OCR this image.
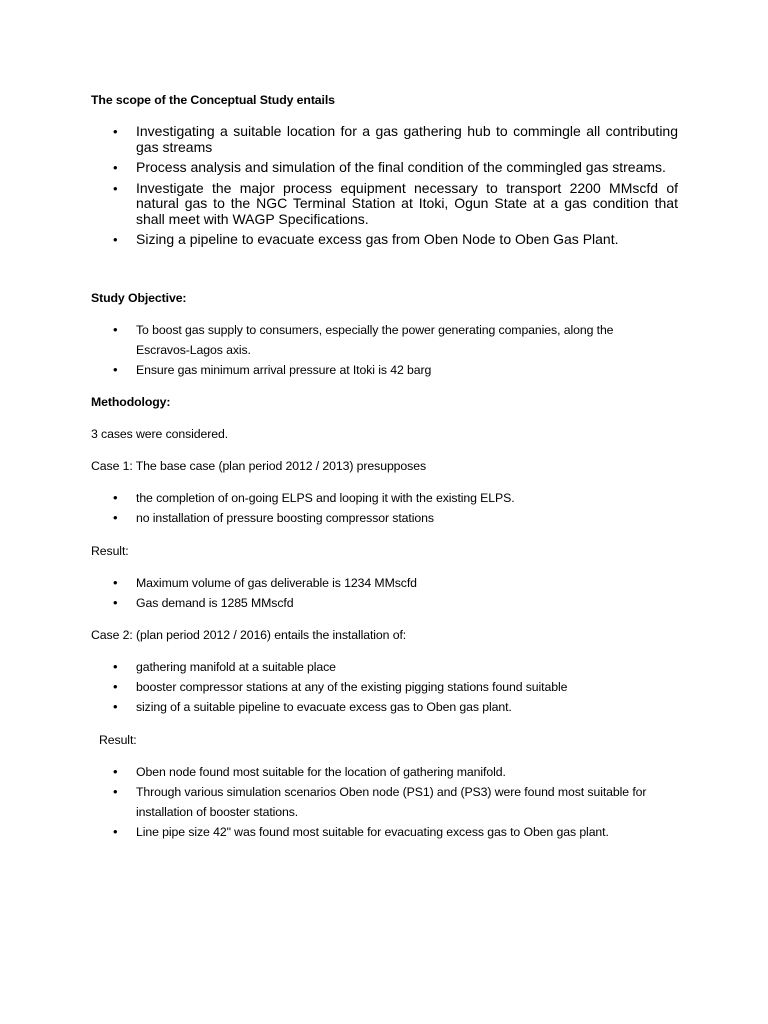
The scope of the Conceptual Study entails
• Investigating a suitable location for a gas gathering hub to commingle all contributing gas streams
• Process analysis and simulation of the final condition of the commingled gas streams.
• Investigate the major process equipment necessary to transport 2200 MMscfd of natural gas to the NGC Terminal Station at Itoki, Ogun State at a gas condition that shall meet with WAGP Specifications.
• Sizing a pipeline to evacuate excess gas from Oben Node to Oben Gas Plant.
Study Objective:
• To boost gas supply to consumers, especially the power generating companies, along the Escravos-Lagos axis.
• Ensure gas minimum arrival pressure at Itoki is 42 barg
Methodology:
3 cases were considered.
Case 1: The base case (plan period 2012 / 2013) presupposes
• the completion of on-going ELPS and looping it with the existing ELPS.
• no installation of pressure boosting compressor stations
Result:
• Maximum volume of gas deliverable is 1234 MMscfd
• Gas demand is 1285 MMscfd
Case 2: (plan period 2012 / 2016) entails the installation of:
• gathering manifold at a suitable place
• booster compressor stations at any of the existing pigging stations found suitable
• sizing of a suitable pipeline to evacuate excess gas to Oben gas plant.
Result:
• Oben node found most suitable for the location of gathering manifold.
• Through various simulation scenarios Oben node (PS1) and (PS3) were found most suitable for installation of booster stations.
• Line pipe size 42" was found most suitable for evacuating excess gas to Oben gas plant.
